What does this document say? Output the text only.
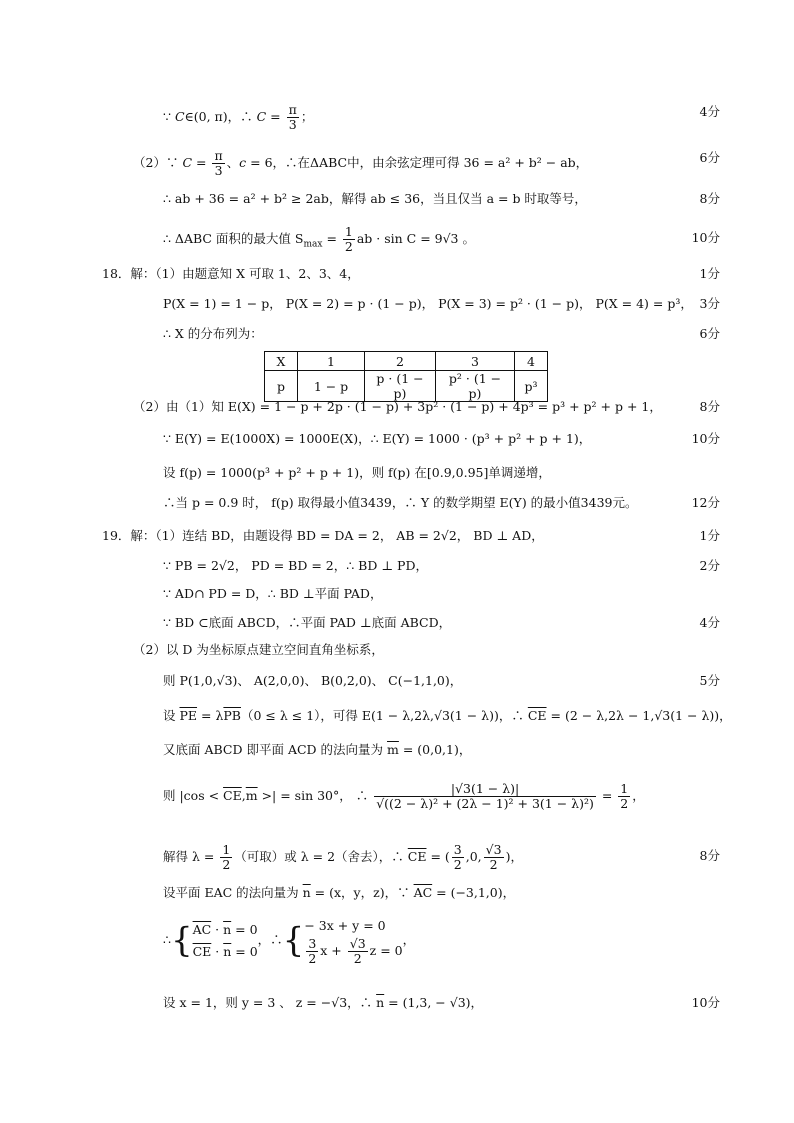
∵ C∈(0, π)，∴ $C = \frac{\pi}{3}$ ；	4分
（2）∵ $C = \frac{\pi}{3}$ 、c = 6，∴在ΔABC中，由余弦定理可得 36 = a² + b² − ab，	6分
∴ ab + 36 = a² + b² ≥ 2ab，解得 ab ≤ 36，当且仅当 a = b 时取等号，	8分
∴ ΔABC 面积的最大值 $S_{max} = \frac{1}{2}$ ab · sin C = 9√3 。	10分
18．解：（1）由题意知 X 可取 1、2、3、4，	1分
P(X = 1) = 1 − p， P(X = 2) = p · (1 − p)， P(X = 3) = p² · (1 − p)， P(X = 4) = p³， 3分
∴ X 的分布列为：	6分
X	1	2	3	4
p	1 − p	p · (1 − p)	p² · (1 − p)	p³
（2）由（1）知 E(X) = 1 − p + 2p · (1 − p) + 3p² · (1 − p) + 4p³ = p³ + p² + p + 1，	8分
∵ E(Y) = E(1000X) = 1000E(X)，∴ E(Y) = 1000 · (p³ + p² + p + 1)，	10分
设 f(p) = 1000(p³ + p² + p + 1)，则 f(p) 在[0.9,0.95]单调递增，
∴当 p = 0.9 时， f(p) 取得最小值3439，∴ Y 的数学期望 E(Y) 的最小值3439元。	12分
19．解：（1）连结 BD，由题设得 BD = DA = 2， AB = 2√2， BD ⊥ AD，	1分
∵ PB = 2√2， PD = BD = 2，∴ BD ⊥ PD，	2分
∵ AD∩ PD = D，∴ BD ⊥平面 PAD，
∵ BD ⊂底面 ABCD，∴平面 PAD ⊥底面 ABCD，	4分
（2）以 D 为坐标原点建立空间直角坐标系，
则 P(1,0,√3)、 A(2,0,0)、 B(0,2,0)、 C(−1,1,0)，	5分
设 $\overline{PE} = \lambda\overline{PB}(0 \le \lambda \le 1)$，可得 E(1 − λ,2λ,√3(1 − λ))，∴ $\overline{CE} = (2 - \lambda,2\lambda - 1,√3(1 - \lambda))$，
又底面 ABCD 即平面 ACD 的法向量为 $\overline{m} = (0,0,1)$，
则 $|\cos < \overline{CE},\overline{m}$ >| = sin 30°， ∴ $\frac{|√3(1 - \lambda)|}{\text{√((2 − λ)² + (2λ − 1)² + 3(1 − λ)²)}} = \frac{1}{2}$ ，
解得 $\lambda = \frac{1}{2}$ （可取）或 λ = 2（舍去），∴ $\overline{CE}$ = ( $\frac{3}{2} ,0$, $\frac{√3}{2}$ )，	8分
设平面 EAC 的法向量为 $\overline{n} = (x$，y，z)，∵ $\overline{AC} = (-3,1,0)$，
∴{ $\overline{AC} \cdot \overline{n} = 0$
$\overline{CE} \cdot \overline{n} = 0$
，∴{ − 3x + y = 0
$\frac{3}{2}$ $x + \frac{√3}{2}$ z = 0
，
设 x = 1，则 y = 3 、 z = −√3，∴ $\overline{n} = (1,3$, − √3)，	10分
